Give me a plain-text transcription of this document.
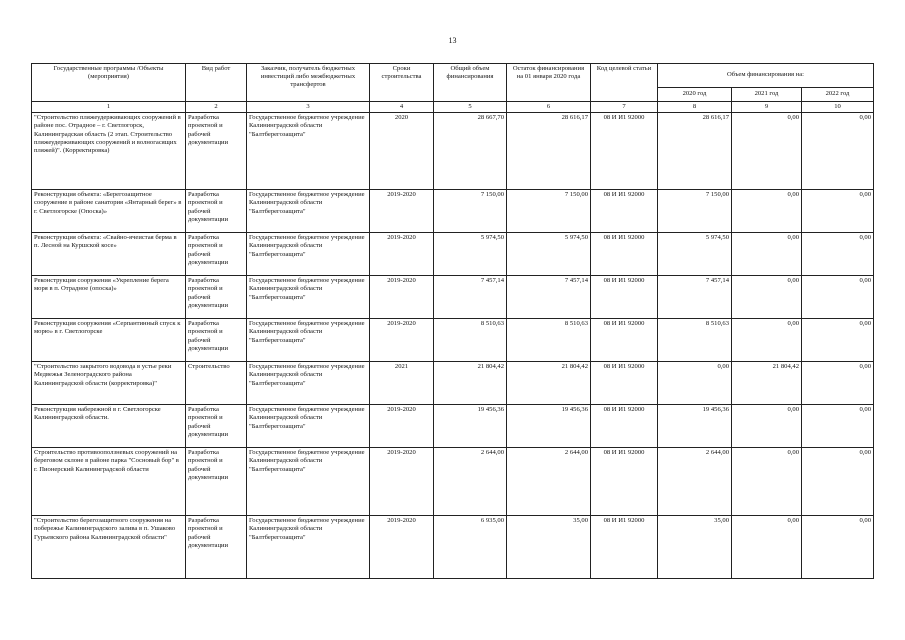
13
Государственные программы /Объекты (мероприятия)	Вид работ	Заказчик, получатель бюджетных инвестиций либо межбюджетных трансфертов	Сроки строительства	Общий объем финансирования	Остаток финансирования на 01 января 2020 года	Код целевой статьи	Объем финансирования на:		
							2020 год	2021 год	2022 год
1	2	3	4	5	6	7	8	9	10
"Строительство пляжеудерживающих сооружений в районе пос. Отрадное – г. Светлогорск, Калининградская область (2 этап. Строительство пляжеудерживающих сооружений и волногасящих пляжей)". (Корректировка)	Разработка проектной и рабочей документации	Государственное бюджетное учреждение Калининградской области "Балтберегозащита"	2020	28 667,70	28 616,17	08 И И1 92000	28 616,17	0,00	0,00
Реконструкция объекта: «Берегозащитное сооружение в районе санатория «Янтарный берег» в г. Светлогорске (Опоска)»	Разработка проектной и рабочей документации	Государственное бюджетное учреждение Калининградской области "Балтберегозащита"	2019-2020	7 150,00	7 150,00	08 И И1 92000	7 150,00	0,00	0,00
Реконструкция объекта: «Свайно-ячеистая берма в п. Лесной на Куршской косе»	Разработка проектной и рабочей документации	Государственное бюджетное учреждение Калининградской области "Балтберегозащита"	2019-2020	5 974,50	5 974,50	08 И И1 92000	5 974,50	0,00	0,00
Реконструкция сооружения «Укрепление берега моря в п. Отрадное (опоска)»	Разработка проектной и рабочей документации	Государственное бюджетное учреждение Калининградской области "Балтберегозащита"	2019-2020	7 457,14	7 457,14	08 И И1 92000	7 457,14	0,00	0,00
Реконструкция сооружения «Серпантинный спуск к морю» в г. Светлогорске	Разработка проектной и рабочей документации	Государственное бюджетное учреждение Калининградской области "Балтберегозащита"	2019-2020	8 510,63	8 510,63	08 И И1 92000	8 510,63	0,00	0,00
"Строительство закрытого водовода в устье реки Медвежья Зеленоградского района Калининградской области (корректировка)"	Строительство	Государственное бюджетное учреждение Калининградской области "Балтберегозащита"	2021	21 804,42	21 804,42	08 И И1 92000	0,00	21 804,42	0,00
Реконструкция набережной в г. Светлогорске Калининградской области.	Разработка проектной и рабочей документации	Государственное бюджетное учреждение Калининградской области "Балтберегозащита"	2019-2020	19 456,36	19 456,36	08 И И1 92000	19 456,36	0,00	0,00
Строительство противооползневых сооружений на береговом склоне в районе парка "Сосновый бор" в г. Пионерский Калининградской области	Разработка проектной и рабочей документации	Государственное бюджетное учреждение Калининградской области "Балтберегозащита"	2019-2020	2 644,00	2 644,00	08 И И1 92000	2 644,00	0,00	0,00
"Строительство берегозащитного сооружения на побережье Калининградского залива в п. Ушаково Гурьевского района Калининградской области"	Разработка проектной и рабочей документации	Государственное бюджетное учреждение Калининградской области "Балтберегозащита"	2019-2020	6 935,00	35,00	08 И И1 92000	35,00	0,00	0,00
